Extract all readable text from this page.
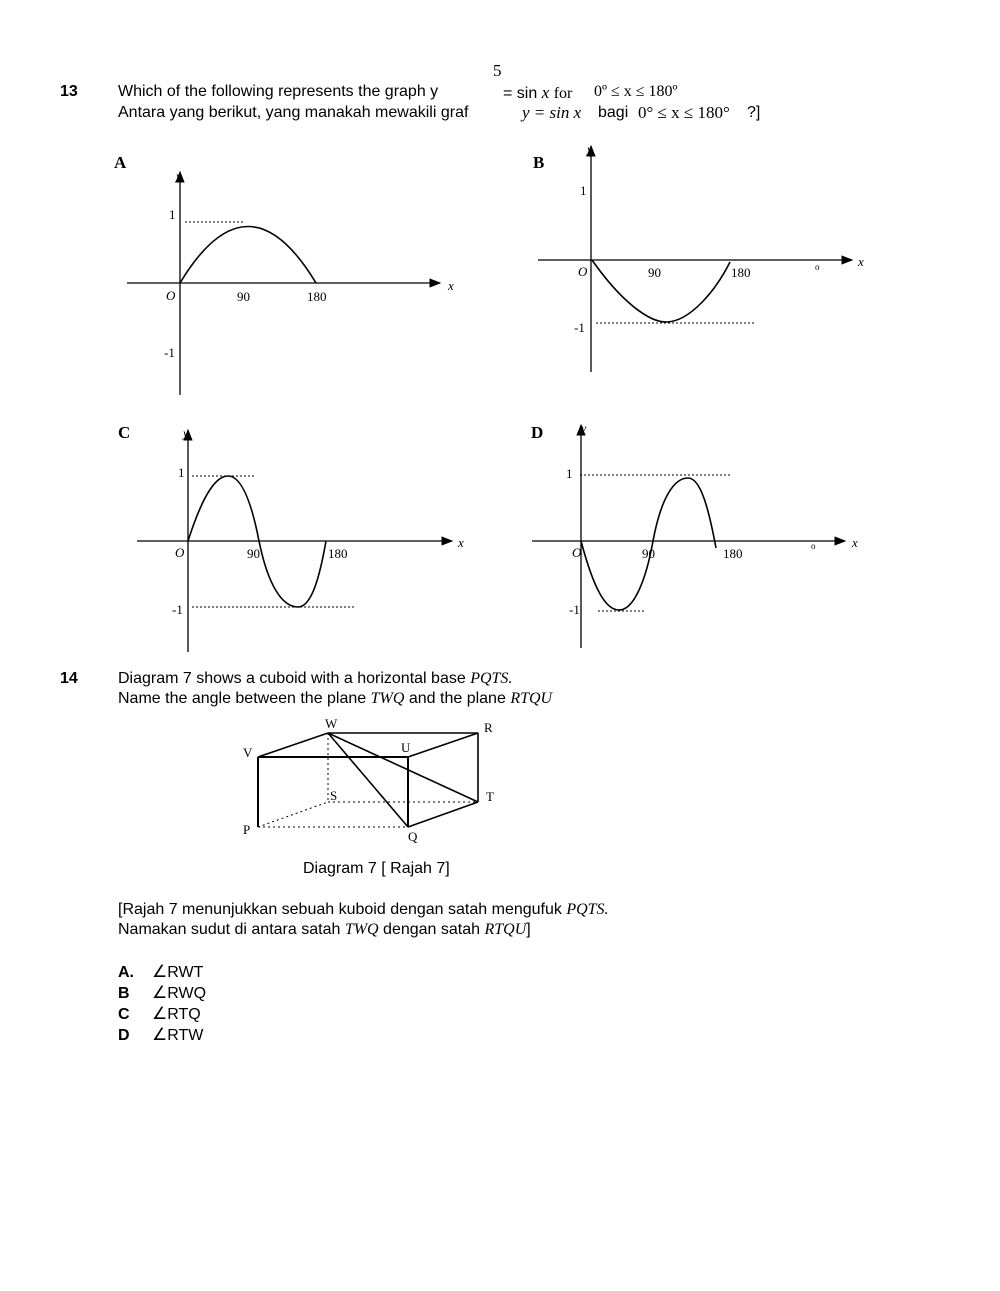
5
13	Which of the following represents the graph y	= sin x for 0º ≤ x ≤ 180º
Antara yang berikut, yang manakah mewakili graf	y = sin x bagi 0° ≤ x ≤ 180° ?]
A
y
x
O	90	180
1
-1
B
y
x
O	90	180	o
1
-1
C	y
x
O	90	180
1
-1
D	y
x
O	90	180	o
1
-1
14	Diagram 7 shows a cuboid with a horizontal base PQTS.
Name the angle between the plane TWQ and the plane RTQU
W	R
V	U
S	T
P	Q
Diagram 7 [ Rajah 7]
[Rajah 7 menunjukkan sebuah kuboid dengan satah mengufuk PQTS.
Namakan sudut di antara satah TWQ dengan satah RTQU]
A. ∠RWT
B ∠RWQ
C ∠RTQ
D ∠RTW
